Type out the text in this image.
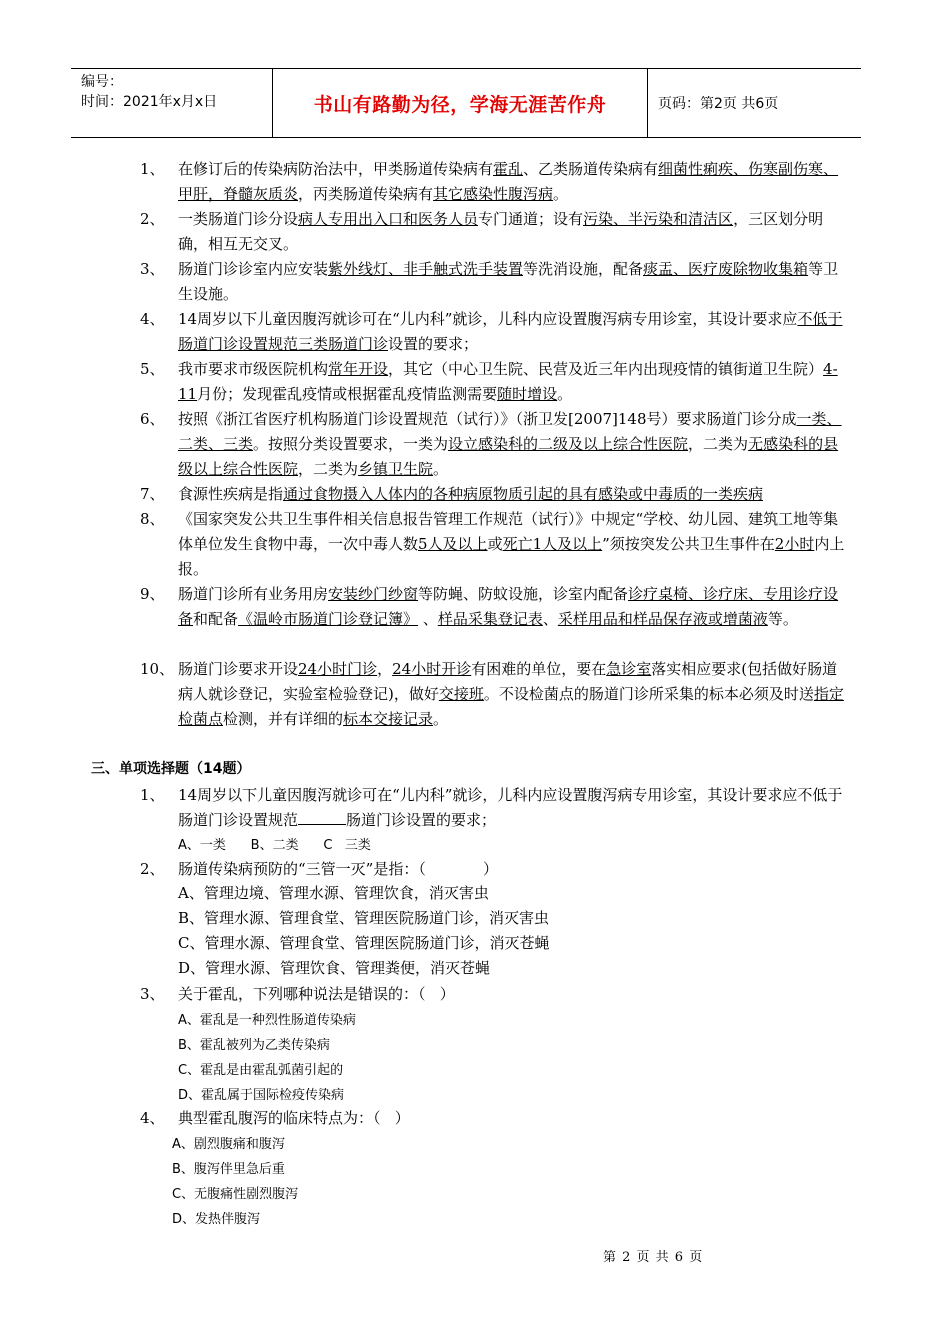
编号：
时间：2021年x月x日	书山有路勤为径，学海无涯苦作舟	页码：第2页 共6页
1、 在修订后的传染病防治法中，甲类肠道传染病有霍乱、乙类肠道传染病有细菌性痢疾、伤寒副伤寒、甲肝，脊髓灰质炎，丙类肠道传染病有其它感染性腹泻病。
2、 一类肠道门诊分设病人专用出入口和医务人员专门通道；设有污染、半污染和清洁区，三区划分明确，相互无交叉。
3、 肠道门诊诊室内应安装紫外线灯、非手触式洗手装置等洗消设施，配备痰盂、医疗废除物收集箱等卫生设施。
4、 14周岁以下儿童因腹泻就诊可在“儿内科”就诊，儿科内应设置腹泻病专用诊室，其设计要求应不低于肠道门诊设置规范三类肠道门诊设置的要求；
5、 我市要求市级医院机构常年开设，其它（中心卫生院、民营及近三年内出现疫情的镇街道卫生院）4-11月份；发现霍乱疫情或根据霍乱疫情监测需要随时增设。
6、 按照《浙江省医疗机构肠道门诊设置规范（试行）》（浙卫发[2007]148号）要求肠道门诊分成一类、二类、三类。按照分类设置要求，一类为设立感染科的二级及以上综合性医院，二类为无感染科的县级以上综合性医院，二类为乡镇卫生院。
7、 食源性疾病是指通过食物摄入人体内的各种病原物质引起的具有感染或中毒质的一类疾病
8、 《国家突发公共卫生事件相关信息报告管理工作规范（试行）》中规定“学校、幼儿园、建筑工地等集体单位发生食物中毒，一次中毒人数5人及以上或死亡1人及以上”须按突发公共卫生事件在2小时内上报。
9、 肠道门诊所有业务用房安装纱门纱窗等防蝇、防蚊设施，诊室内配备诊疗桌椅、诊疗床、专用诊疗设备和配备《温岭市肠道门诊登记簿》 、样品采集登记表、采样用品和样品保存液或增菌液等。
10、 肠道门诊要求开设24小时门诊，24小时开诊有困难的单位，要在急诊室落实相应要求(包括做好肠道病人就诊登记，实验室检验登记)，做好交接班。不设检菌点的肠道门诊所采集的标本必须及时送指定检菌点检测，并有详细的标本交接记录。
三、单项选择题（14题）
1、 14周岁以下儿童因腹泻就诊可在“儿内科”就诊，儿科内应设置腹泻病专用诊室，其设计要求应不低于肠道门诊设置规范	肠道门诊设置的要求；
A、一类      B、二类      C   三类
2、 肠道传染病预防的“三管一灭”是指：（            ）
A、管理边境、管理水源、管理饮食，消灭害虫
B、管理水源、管理食堂、管理医院肠道门诊，消灭害虫
C、管理水源、管理食堂、管理医院肠道门诊，消灭苍蝇
D、管理水源、管理饮食、管理粪便，消灭苍蝇
3、 关于霍乱，下列哪种说法是错误的：（   ）
A、霍乱是一种烈性肠道传染病
B、霍乱被列为乙类传染病
C、霍乱是由霍乱弧菌引起的
D、霍乱属于国际检疫传染病
4、 典型霍乱腹泻的临床特点为：（   ）
A、剧烈腹痛和腹泻
B、腹泻伴里急后重
C、无腹痛性剧烈腹泻
D、发热伴腹泻
第 2 页 共 6 页
